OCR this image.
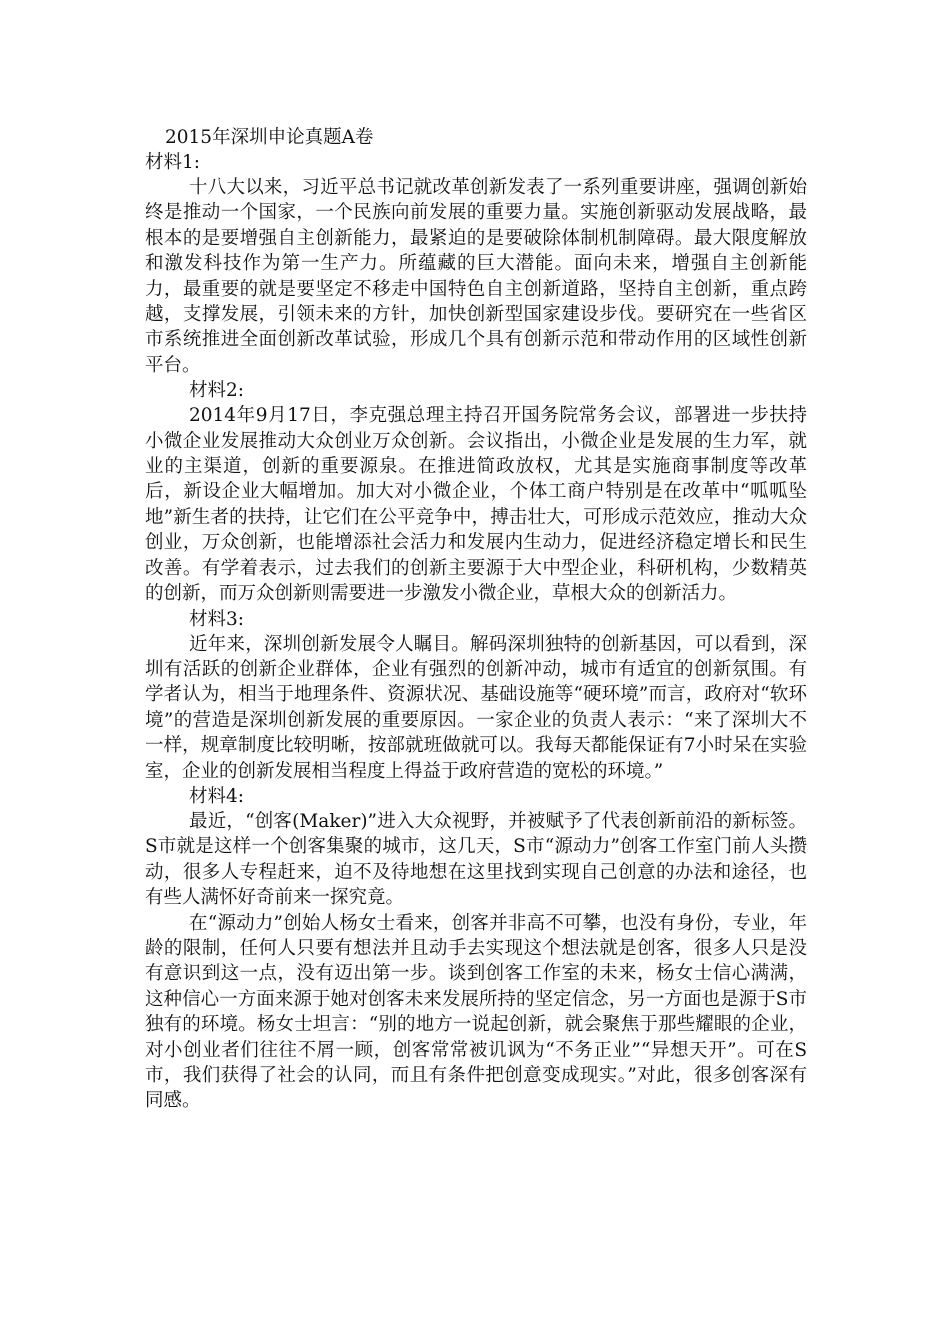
2015年深圳申论真题A卷

材料1:

十八大以来，习近平总书记就改革创新发表了一系列重要讲座，强调创新始终是推动一个国家，一个民族向前发展的重要力量。实施创新驱动发展战略，最根本的是要增强自主创新能力，最紧迫的是要破除体制机制障碍。最大限度解放和激发科技作为第一生产力。所蕴藏的巨大潜能。面向未来，增强自主创新能力，最重要的就是要坚定不移走中国特色自主创新道路，坚持自主创新，重点跨越，支撑发展，引领未来的方针，加快创新型国家建设步伐。要研究在一些省区市系统推进全面创新改革试验，形成几个具有创新示范和带动作用的区域性创新平台。

材料2:

2014年9月17日，李克强总理主持召开国务院常务会议，部署进一步扶持小微企业发展推动大众创业万众创新。会议指出，小微企业是发展的生力军，就业的主渠道，创新的重要源泉。在推进简政放权，尤其是实施商事制度等改革后，新设企业大幅增加。加大对小微企业，个体工商户特别是在改革中“呱呱坠地”新生者的扶持，让它们在公平竞争中，搏击壮大，可形成示范效应，推动大众创业，万众创新，也能增添社会活力和发展内生动力，促进经济稳定增长和民生改善。有学着表示，过去我们的创新主要源于大中型企业，科研机构，少数精英的创新，而万众创新则需要进一步激发小微企业，草根大众的创新活力。

材料3:

近年来，深圳创新发展令人瞩目。解码深圳独特的创新基因，可以看到，深圳有活跃的创新企业群体，企业有强烈的创新冲动，城市有适宜的创新氛围。有学者认为，相当于地理条件、资源状况、基础设施等“硬环境”而言，政府对“软环境”的营造是深圳创新发展的重要原因。一家企业的负责人表示：“来了深圳大不一样，规章制度比较明晰，按部就班做就可以。我每天都能保证有7小时呆在实验室，企业的创新发展相当程度上得益于政府营造的宽松的环境。”

材料4:

最近，“创客(Maker)”进入大众视野，并被赋予了代表创新前沿的新标签。S市就是这样一个创客集聚的城市，这几天，S市“源动力”创客工作室门前人头攒动，很多人专程赶来，迫不及待地想在这里找到实现自己创意的办法和途径，也有些人满怀好奇前来一探究竟。

在“源动力”创始人杨女士看来，创客并非高不可攀，也没有身份，专业，年龄的限制，任何人只要有想法并且动手去实现这个想法就是创客，很多人只是没有意识到这一点，没有迈出第一步。谈到创客工作室的未来，杨女士信心满满，这种信心一方面来源于她对创客未来发展所持的坚定信念，另一方面也是源于S市独有的环境。杨女士坦言：“别的地方一说起创新，就会聚焦于那些耀眼的企业，对小创业者们往往不屑一顾，创客常常被讥讽为“不务正业”“异想天开”。可在S市，我们获得了社会的认同，而且有条件把创意变成现实。”对此，很多创客深有同感。
